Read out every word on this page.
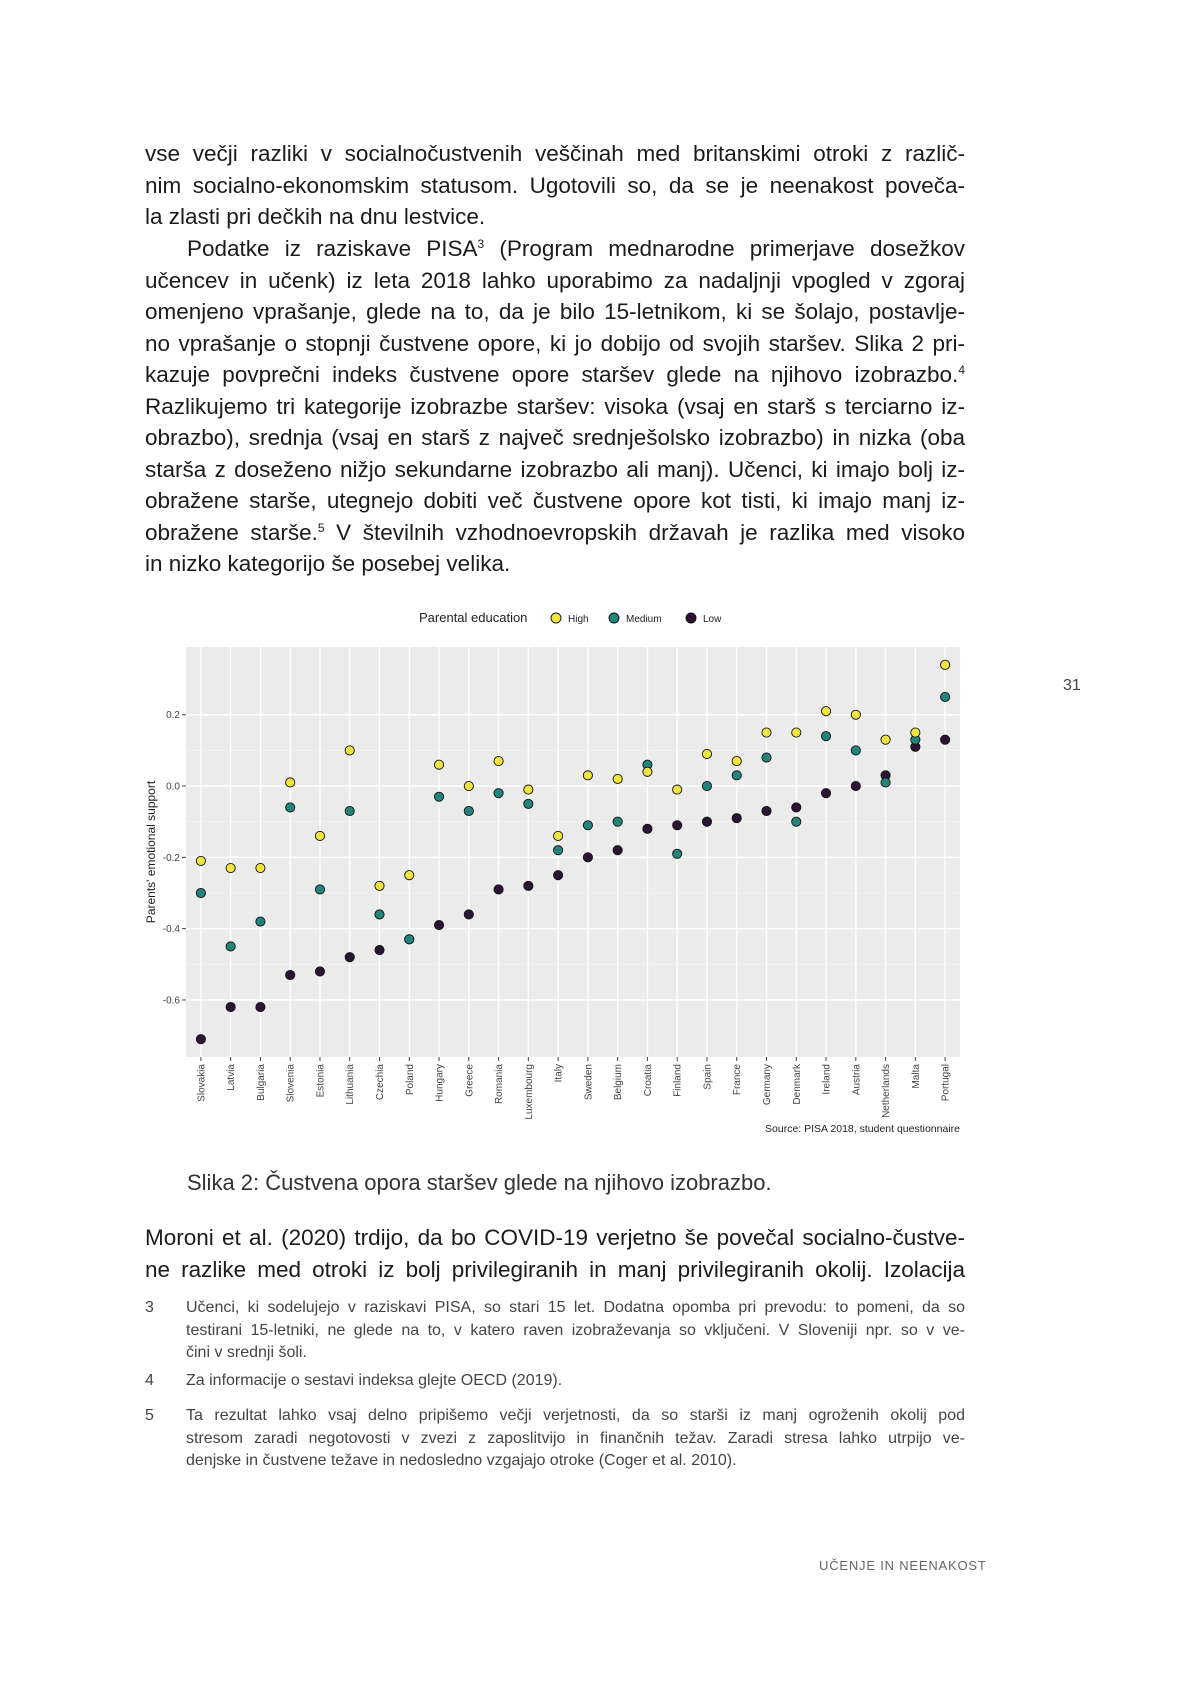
vse večji razliki v socialnočustvenih veščinah med britanskimi otroki z različ-
nim socialno-ekonomskim statusom. Ugotovili so, da se je neenakost poveča-
la zlasti pri dečkih na dnu lestvice.
Podatke iz raziskave PISA$^3$ (Program mednarodne primerjave dosežkov
učencev in učenk) iz leta 2018 lahko uporabimo za nadaljnji vpogled v zgoraj
omenjeno vprašanje, glede na to, da je bilo 15-letnikom, ki se šolajo, postavlje-
no vprašanje o stopnji čustvene opore, ki jo dobijo od svojih staršev. Slika 2 pri-
kazuje povprečni indeks čustvene opore staršev glede na njihovo izobrazbo.$^4$
Razlikujemo tri kategorije izobrazbe staršev: visoka (vsaj en starš s terciarno iz-
obrazbo), srednja (vsaj en starš z največ srednješolsko izobrazbo) in nizka (oba
starša z doseženo nižjo sekundarne izobrazbo ali manj). Učenci, ki imajo bolj iz-
obražene starše, utegnejo dobiti več čustvene opore kot tisti, ki imajo manj iz-
obražene starše.$^5$ V številnih vzhodnoevropskih državah je razlika med visoko
in nizko kategorijo še posebej velika.
31
Parental education	High	Medium	Low
0.2
0.0
-0.2
-0.4
-0.6
Parents' emotional support
Slovakia Latvia Bulgaria Slovenia Estonia Lithuania Czechia Poland Hungary Greece Romania Luxembourg Italy Sweden Belgium Croatia Finland Spain France Germany Denmark Ireland Austria Netherlands Malta Portugal
Source: PISA 2018, student questionnaire
Slika 2: Čustvena opora staršev glede na njihovo izobrazbo.
Moroni et al. (2020) trdijo, da bo COVID-19 verjetno še povečal socialno-čustve-
ne razlike med otroki iz bolj privilegiranih in manj privilegiranih okolij. Izolacija
3 Učenci, ki sodelujejo v raziskavi PISA, so stari 15 let. Dodatna opomba pri prevodu: to pomeni, da so
testirani 15-letniki, ne glede na to, v katero raven izobraževanja so vključeni. V Sloveniji npr. so v ve-
čini v srednji šoli.
4 Za informacije o sestavi indeksa glejte OECD (2019).
5 Ta rezultat lahko vsaj delno pripišemo večji verjetnosti, da so starši iz manj ogroženih okolij pod
stresom zaradi negotovosti v zvezi z zaposlitvijo in finančnih težav. Zaradi stresa lahko utrpijo ve-
denjske in čustvene težave in nedosledno vzgajajo otroke (Coger et al. 2010).
UČENJE IN NEENAKOST
